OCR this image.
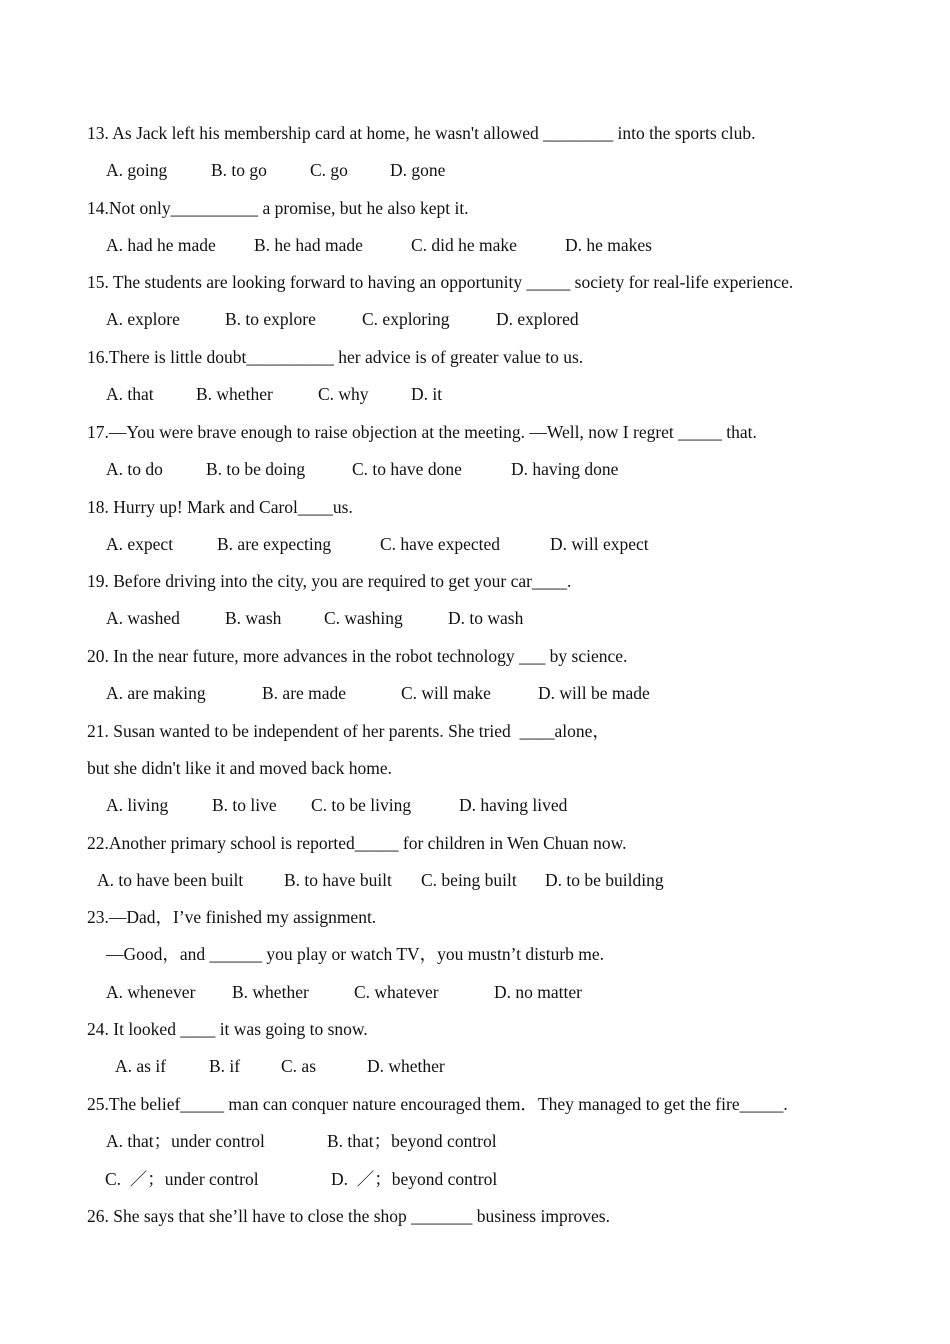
13. As Jack left his membership card at home, he wasn't allowed ________ into the sports club.

A. going

	B. to go

C. go

D. gone

14.Not only__________ a promise, but he also kept it.

A. had he made

B. he had made

	C. did he make

	D. he makes

15. The students are looking forward to having an opportunity _____ society for real-life experience.

A. explore

	B. to explore

	C. exploring

	D. explored

16.There is little doubt__________ her advice is of greater value to us.

A. that

B. whether

	C. why

D. it

17.—You were brave enough to raise objection at the meeting. —Well, now I regret _____ that.

A. to do

B. to be doing

	C. to have done

	D. having done

18. Hurry up! Mark and Carol____us.

A. expect

	B. are expecting

	C. have expected

	D. will expect

19. Before driving into the city, you are required to get your car____.

A. washed

	B. wash

C. washing

	D. to wash

20. In the near future, more advances in the robot technology ___ by science.

A. are making

	B. are made

	C. will make

	D. will be made

21. Susan wanted to be independent of her parents. She tried  ____alone，
but she didn't like it and moved back home.

A. living

	B. to live

C. to be living

	D. having lived

22.Another primary school is reported_____ for children in Wen Chuan now.

A. to have been built

B. to have built

C. being built

D. to be building

23.—Dad，I’ve finished my assignment.
—Good，and ______ you play or watch TV，you mustn’t disturb me.

A. whenever

B. whether

	C. whatever

	D. no matter

24. It looked ____ it was going to snow.

A. as if

B. if

C. as

	D. whether

25.The belief_____ man can conquer nature encouraged them．They managed to get the fire_____.

A. that；under control

	B. that；beyond control

C.  ／；under control

	D.  ／；beyond control

26. She says that she’ll have to close the shop _______ business improves.
